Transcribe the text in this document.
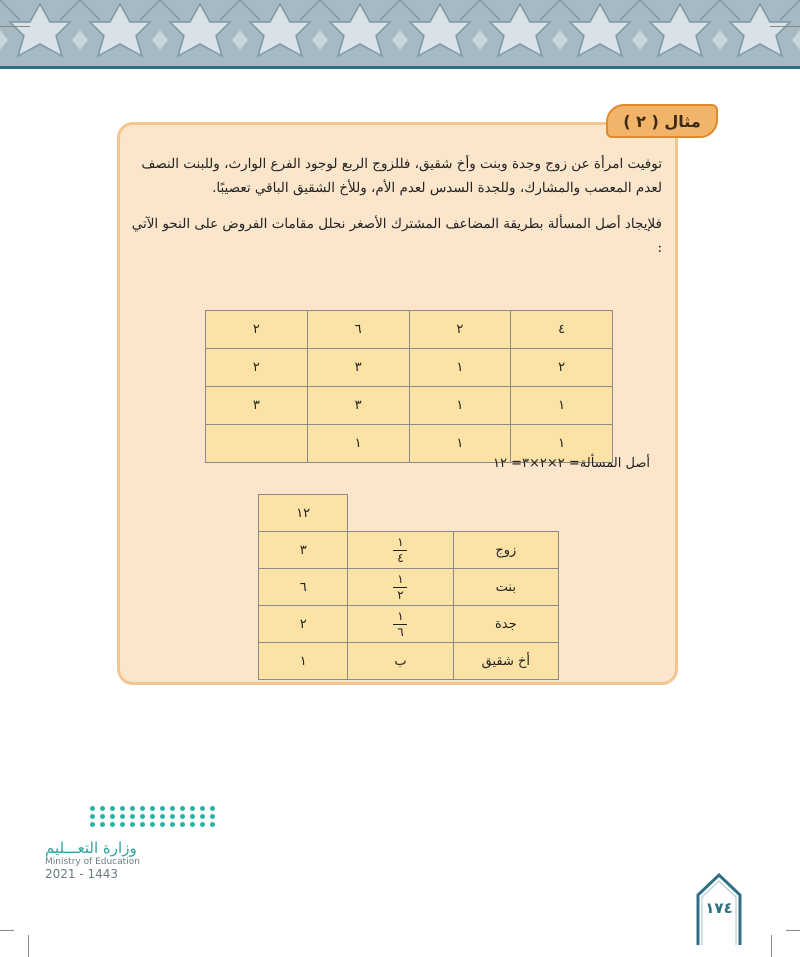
مثال ( ٢ )
توفيت امرأة عن زوج وجدة وبنت وأخ شقيق، فللزوج الربع لوجود الفرع الوارث، وللبنت النصف لعدم المعصب والمشارك، وللجدة السدس لعدم الأم، وللأخ الشقيق الباقي تعصيبًا.
فلإيجاد أصل المسألة بطريقة المضاعف المشترك الأصغر نحلل مقامات الفروض على النحو الآتي :
٤	٢	٦	٢
٢	١	٣	٢
١	١	٣	٣
١	١	١	
أصل المسألة= ٢×٢×٣= ١٢
		١٢
زوج	$\frac{١}{٤}$	٣
بنت	$\frac{١}{٢}$	٦
جدة	$\frac{١}{٦}$	٢
أخ شقيق	ب	١
وزارة التعـــليم
Ministry of Education
2021 - 1443
١٧٤
